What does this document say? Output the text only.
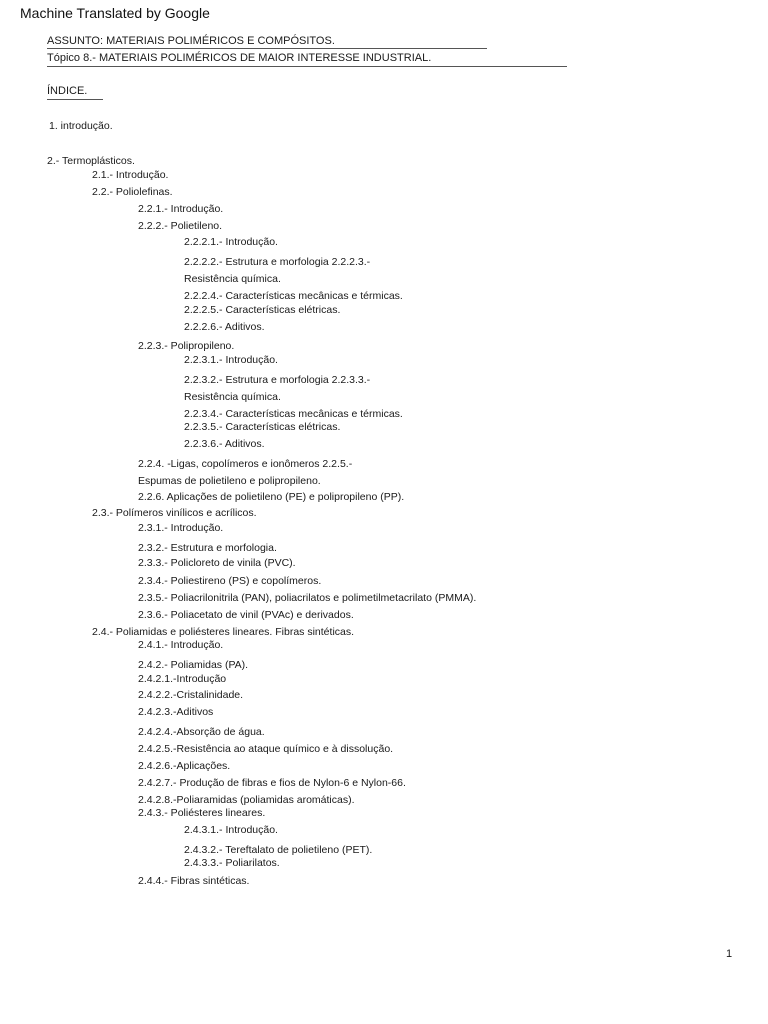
Machine Translated by Google
ASSUNTO: MATERIAIS POLIMÉRICOS E COMPÓSITOS.
Tópico 8.- MATERIAIS POLIMÉRICOS DE MAIOR INTERESSE INDUSTRIAL.
ÍNDICE.
1. introdução.
2.- Termoplásticos.
2.1.- Introdução.
2.2.- Poliolefinas.
2.2.1.- Introdução.
2.2.2.- Polietileno.
2.2.2.1.- Introdução.
2.2.2.2.- Estrutura e morfologia 2.2.2.3.-
Resistência química.
2.2.2.4.- Características mecânicas e térmicas.
2.2.2.5.- Características elétricas.
2.2.2.6.- Aditivos.
2.2.3.- Polipropileno.
2.2.3.1.- Introdução.
2.2.3.2.- Estrutura e morfologia 2.2.3.3.-
Resistência química.
2.2.3.4.- Características mecânicas e térmicas.
2.2.3.5.- Características elétricas.
2.2.3.6.- Aditivos.
2.2.4. -Ligas, copolímeros e ionômeros 2.2.5.-
Espumas de polietileno e polipropileno.
2.2.6. Aplicações de polietileno (PE) e polipropileno (PP).
2.3.- Polímeros vinílicos e acrílicos.
2.3.1.- Introdução.
2.3.2.- Estrutura e morfologia.
2.3.3.- Policloreto de vinila (PVC).
2.3.4.- Poliestireno (PS) e copolímeros.
2.3.5.- Poliacrilonitrila (PAN), poliacrilatos e polimetilmetacrilato (PMMA).
2.3.6.- Poliacetato de vinil (PVAc) e derivados.
2.4.- Poliamidas e poliésteres lineares. Fibras sintéticas.
2.4.1.- Introdução.
2.4.2.- Poliamidas (PA).
2.4.2.1.-Introdução
2.4.2.2.-Cristalinidade.
2.4.2.3.-Aditivos
2.4.2.4.-Absorção de água.
2.4.2.5.-Resistência ao ataque químico e à dissolução.
2.4.2.6.-Aplicações.
2.4.2.7.- Produção de fibras e fios de Nylon-6 e Nylon-66.
2.4.2.8.-Poliaramidas (poliamidas aromáticas).
2.4.3.- Poliésteres lineares.
2.4.3.1.- Introdução.
2.4.3.2.- Tereftalato de polietileno (PET).
2.4.3.3.- Poliarilatos.
2.4.4.- Fibras sintéticas.
1
